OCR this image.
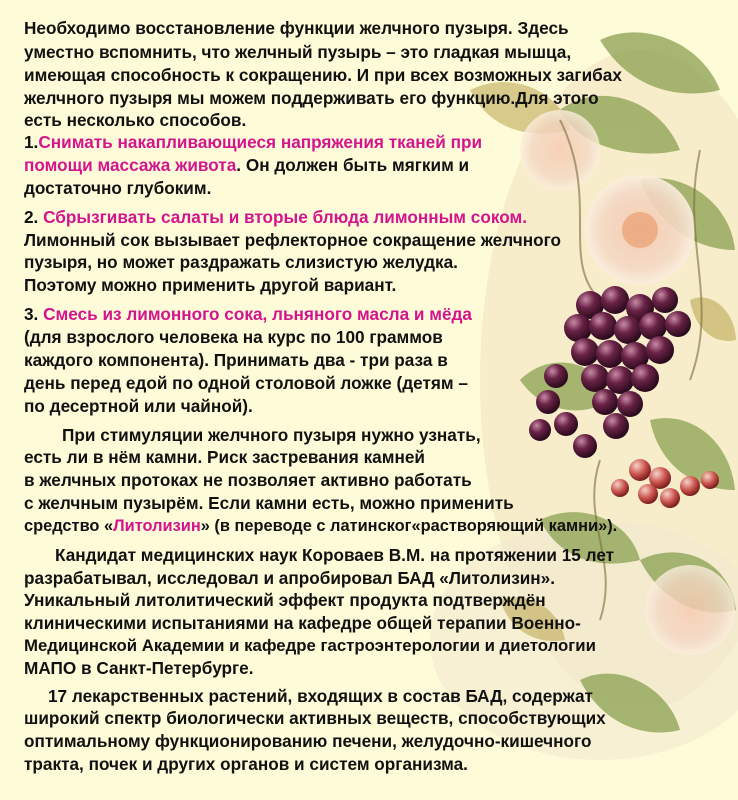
Необходимо восстановление функции желчного пузыря. Здесь
уместно вспомнить, что желчный пузырь – это гладкая мышца,
имеющая способность к сокращению. И при всех возможных загибах
желчного пузыря мы можем поддерживать его функцию.Для этого
есть несколько способов.
1.Снимать накапливающиеся напряжения тканей при
помощи массажа живота. Он должен быть мягким и
достаточно глубоким.
2. Сбрызгивать салаты и вторые блюда лимонным соком.
Лимонный сок вызывает рефлекторное сокращение желчного
пузыря, но может раздражать слизистую желудка.
Поэтому можно применить другой вариант.
3. Смесь из лимонного сока, льняного масла и мёда
(для взрослого человека на курс по 100 граммов
каждого компонента). Принимать два - три раза в
день перед едой по одной столовой ложке (детям –
по десертной или чайной).
При стимуляции желчного пузыря нужно узнать,
есть ли в нём камни. Риск застревания камней
в желчных протоках не позволяет активно работать
с желчным пузырём. Если камни есть, можно применить
средство «Литолизин» (в переводе с латинског«растворяющий камни»).
Кандидат медицинских наук Короваев В.М. на протяжении 15 лет
разрабатывал, исследовал и апробировал БАД «Литолизин».
Уникальный литолитический эффект продукта подтверждён
клиническими испытаниями на кафедре общей терапии Военно-
Медицинской Академии и кафедре гастроэнтерологии и диетологии
МАПО в Санкт-Петербурге.
17 лекарственных растений, входящих в состав БАД, содержат
широкий спектр биологически активных веществ, способствующих
оптимальному функционированию печени, желудочно-кишечного
тракта, почек и других органов и систем организма.
